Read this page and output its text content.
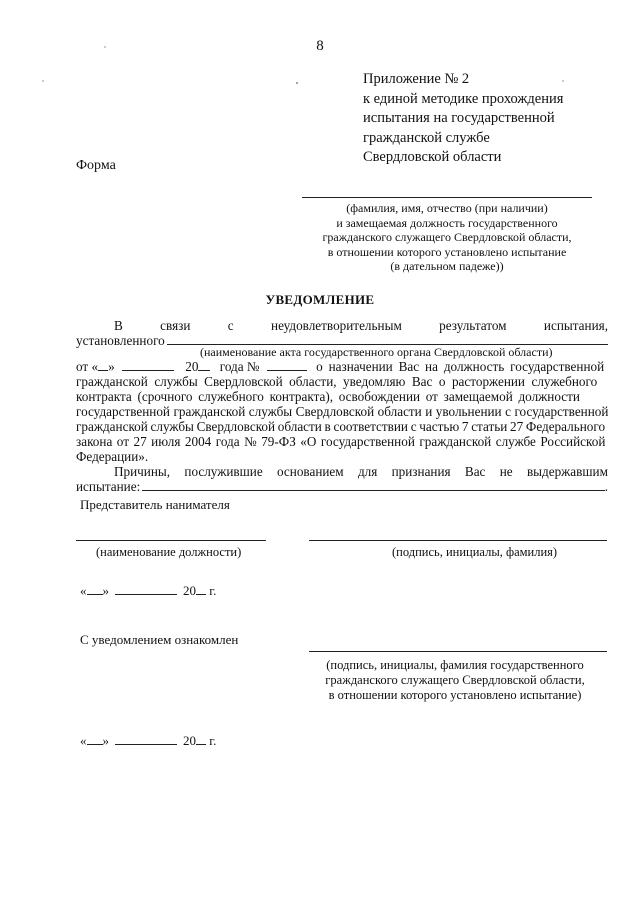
8
Приложение № 2
к единой методике прохождения
испытания на государственной
гражданской службе
Свердловской области
Форма
(фамилия, имя, отчество (при наличии)
и замещаемая должность государственного
гражданского служащего Свердловской области,
в отношении которого установлено испытание
(в дательном падеже))
УВЕДОМЛЕНИЕ
В	связи	с	неудовлетворительным	результатом	испытания,
установленного
(наименование акта государственного органа Свердловской области)
от « »	20 года №	о назначении Вас на должность государственной
гражданской службы Свердловской области, уведомляю Вас о расторжении служебного
контракта (срочного служебного контракта), освобождении от замещаемой должности
государственной гражданской службы Свердловской области и увольнении с государственной
гражданской службы Свердловской области в соответствии с частью 7 статьи 27 Федерального
закона от 27 июля 2004 года № 79-ФЗ «О государственной гражданской службе Российской
Федерации».
Причины, послужившие основанием для признания Вас не выдержавшим
испытание:	.
Представитель нанимателя
(наименование должности)	(подпись, инициалы, фамилия)
« »	20 г.
С уведомлением ознакомлен
(подпись, инициалы, фамилия государственного
гражданского служащего Свердловской области,
в отношении которого установлено испытание)
« »	20 г.
